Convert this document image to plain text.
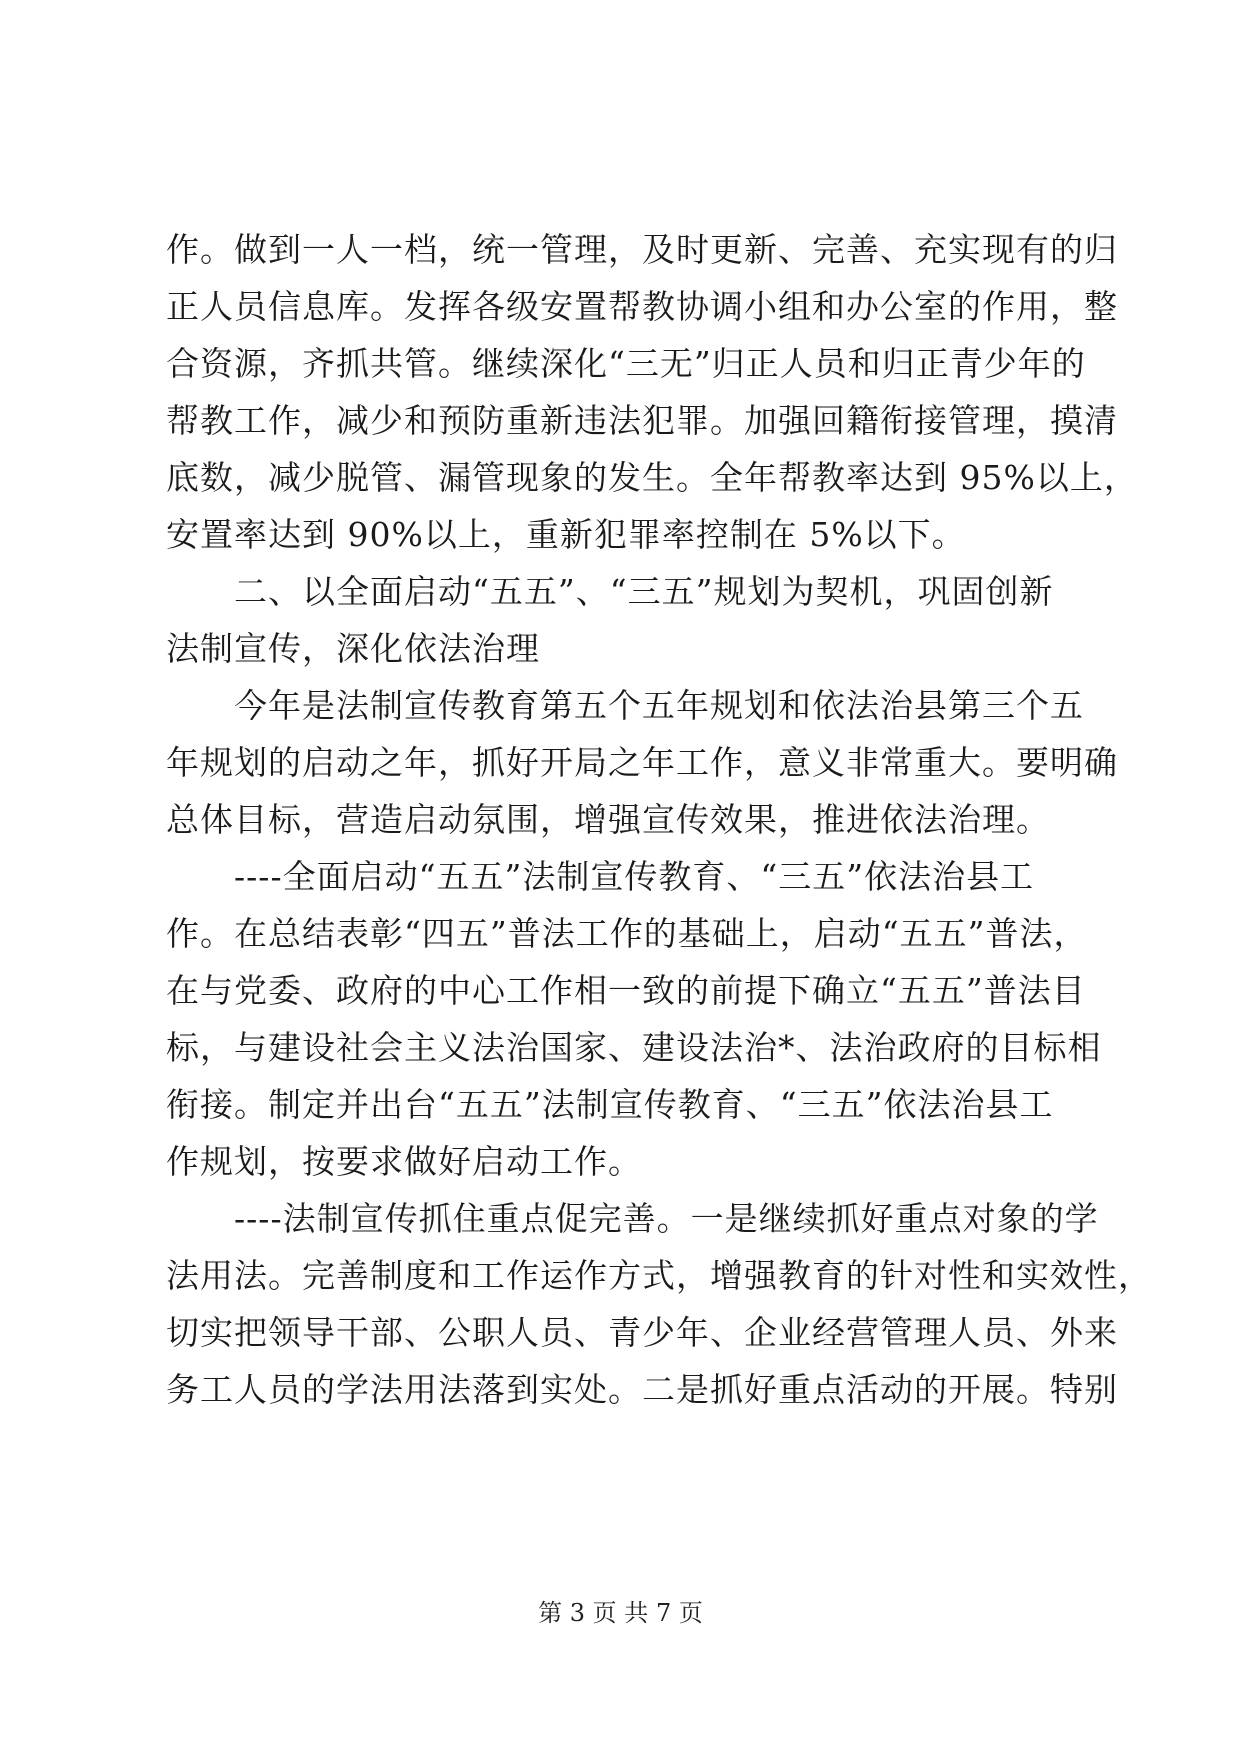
作。做到一人一档，统一管理，及时更新、完善、充实现有的归
正人员信息库。发挥各级安置帮教协调小组和办公室的作用，整
合资源，齐抓共管。继续深化“三无”归正人员和归正青少年的
帮教工作，减少和预防重新违法犯罪。加强回籍衔接管理，摸清
底数，减少脱管、漏管现象的发生。全年帮教率达到 95%以上，
安置率达到 90%以上，重新犯罪率控制在 5%以下。
二、以全面启动“五五”、“三五”规划为契机，巩固创新
法制宣传，深化依法治理
今年是法制宣传教育第五个五年规划和依法治县第三个五
年规划的启动之年，抓好开局之年工作，意义非常重大。要明确
总体目标，营造启动氛围，增强宣传效果，推进依法治理。
----全面启动“五五”法制宣传教育、“三五”依法治县工
作。在总结表彰“四五”普法工作的基础上，启动“五五”普法，
在与党委、政府的中心工作相一致的前提下确立“五五”普法目
标，与建设社会主义法治国家、建设法治*、法治政府的目标相
衔接。制定并出台“五五”法制宣传教育、“三五”依法治县工
作规划，按要求做好启动工作。
----法制宣传抓住重点促完善。一是继续抓好重点对象的学
法用法。完善制度和工作运作方式，增强教育的针对性和实效性，
切实把领导干部、公职人员、青少年、企业经营管理人员、外来
务工人员的学法用法落到实处。二是抓好重点活动的开展。特别
第 3 页 共 7 页
